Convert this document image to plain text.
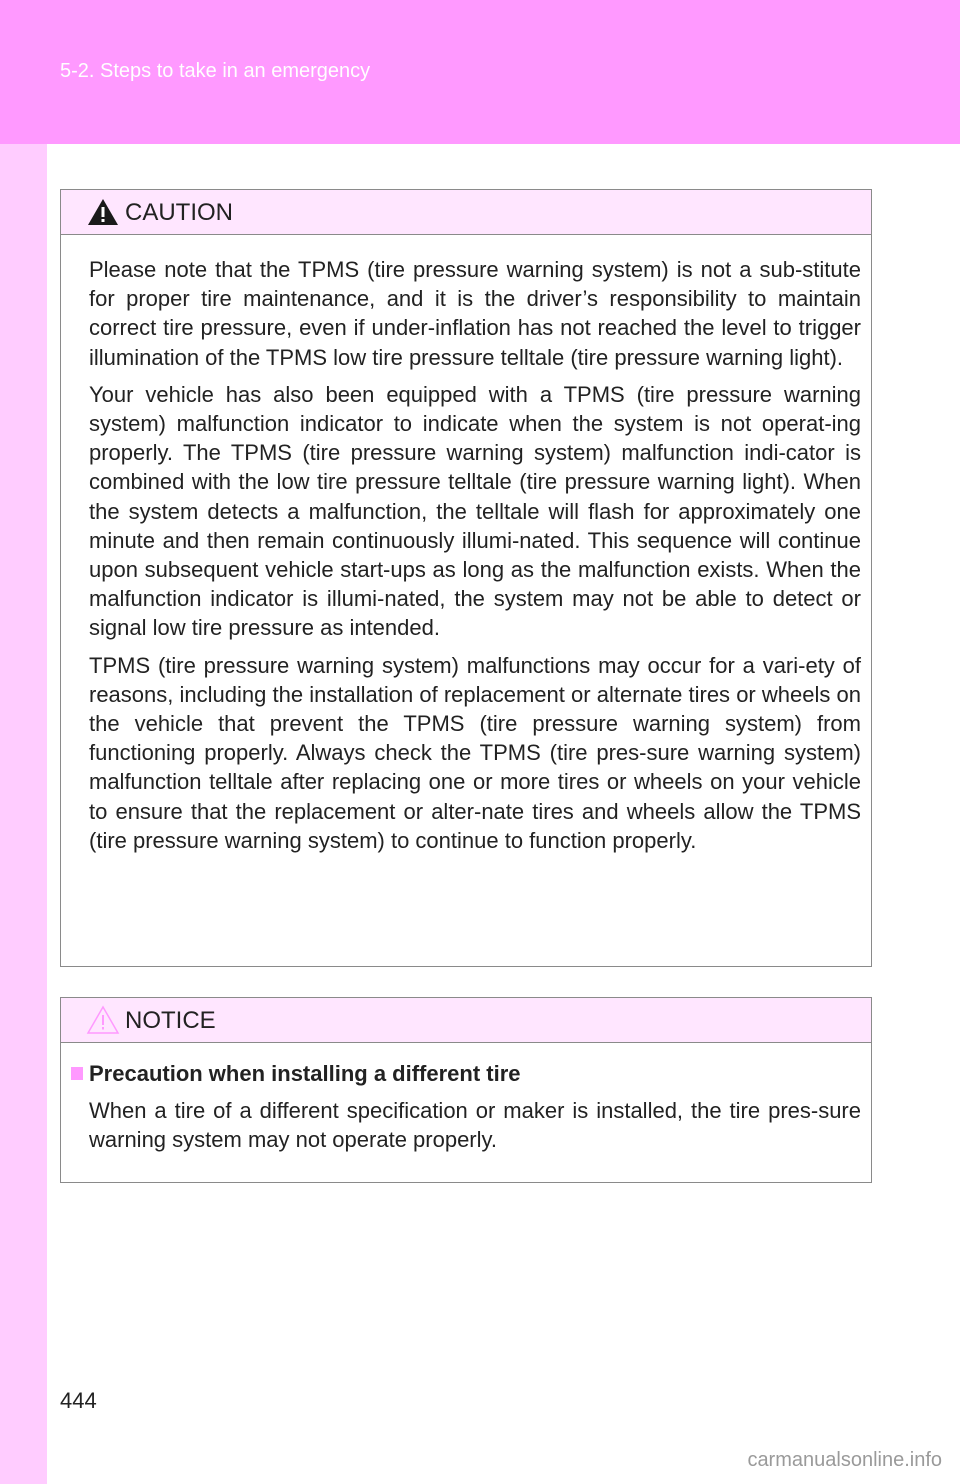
5-2. Steps to take in an emergency
CAUTION

Please note that the TPMS (tire pressure warning system) is not a sub-stitute for proper tire maintenance, and it is the driver’s responsibility to maintain correct tire pressure, even if under-inflation has not reached the level to trigger illumination of the TPMS low tire pressure telltale (tire pressure warning light).

Your vehicle has also been equipped with a TPMS (tire pressure warning system) malfunction indicator to indicate when the system is not operat-ing properly. The TPMS (tire pressure warning system) malfunction indi-cator is combined with the low tire pressure telltale (tire pressure warning light). When the system detects a malfunction, the telltale will flash for approximately one minute and then remain continuously illumi-nated. This sequence will continue upon subsequent vehicle start-ups as long as the malfunction exists. When the malfunction indicator is illumi-nated, the system may not be able to detect or signal low tire pressure as intended.

TPMS (tire pressure warning system) malfunctions may occur for a vari-ety of reasons, including the installation of replacement or alternate tires or wheels on the vehicle that prevent the TPMS (tire pressure warning system) from functioning properly. Always check the TPMS (tire pres-sure warning system) malfunction telltale after replacing one or more tires or wheels on your vehicle to ensure that the replacement or alter-nate tires and wheels allow the TPMS (tire pressure warning system) to continue to function properly.

NOTICE
Precaution when installing a different tire
When a tire of a different specification or maker is installed, the tire pres-sure warning system may not operate properly.
444
carmanualsonline.info
